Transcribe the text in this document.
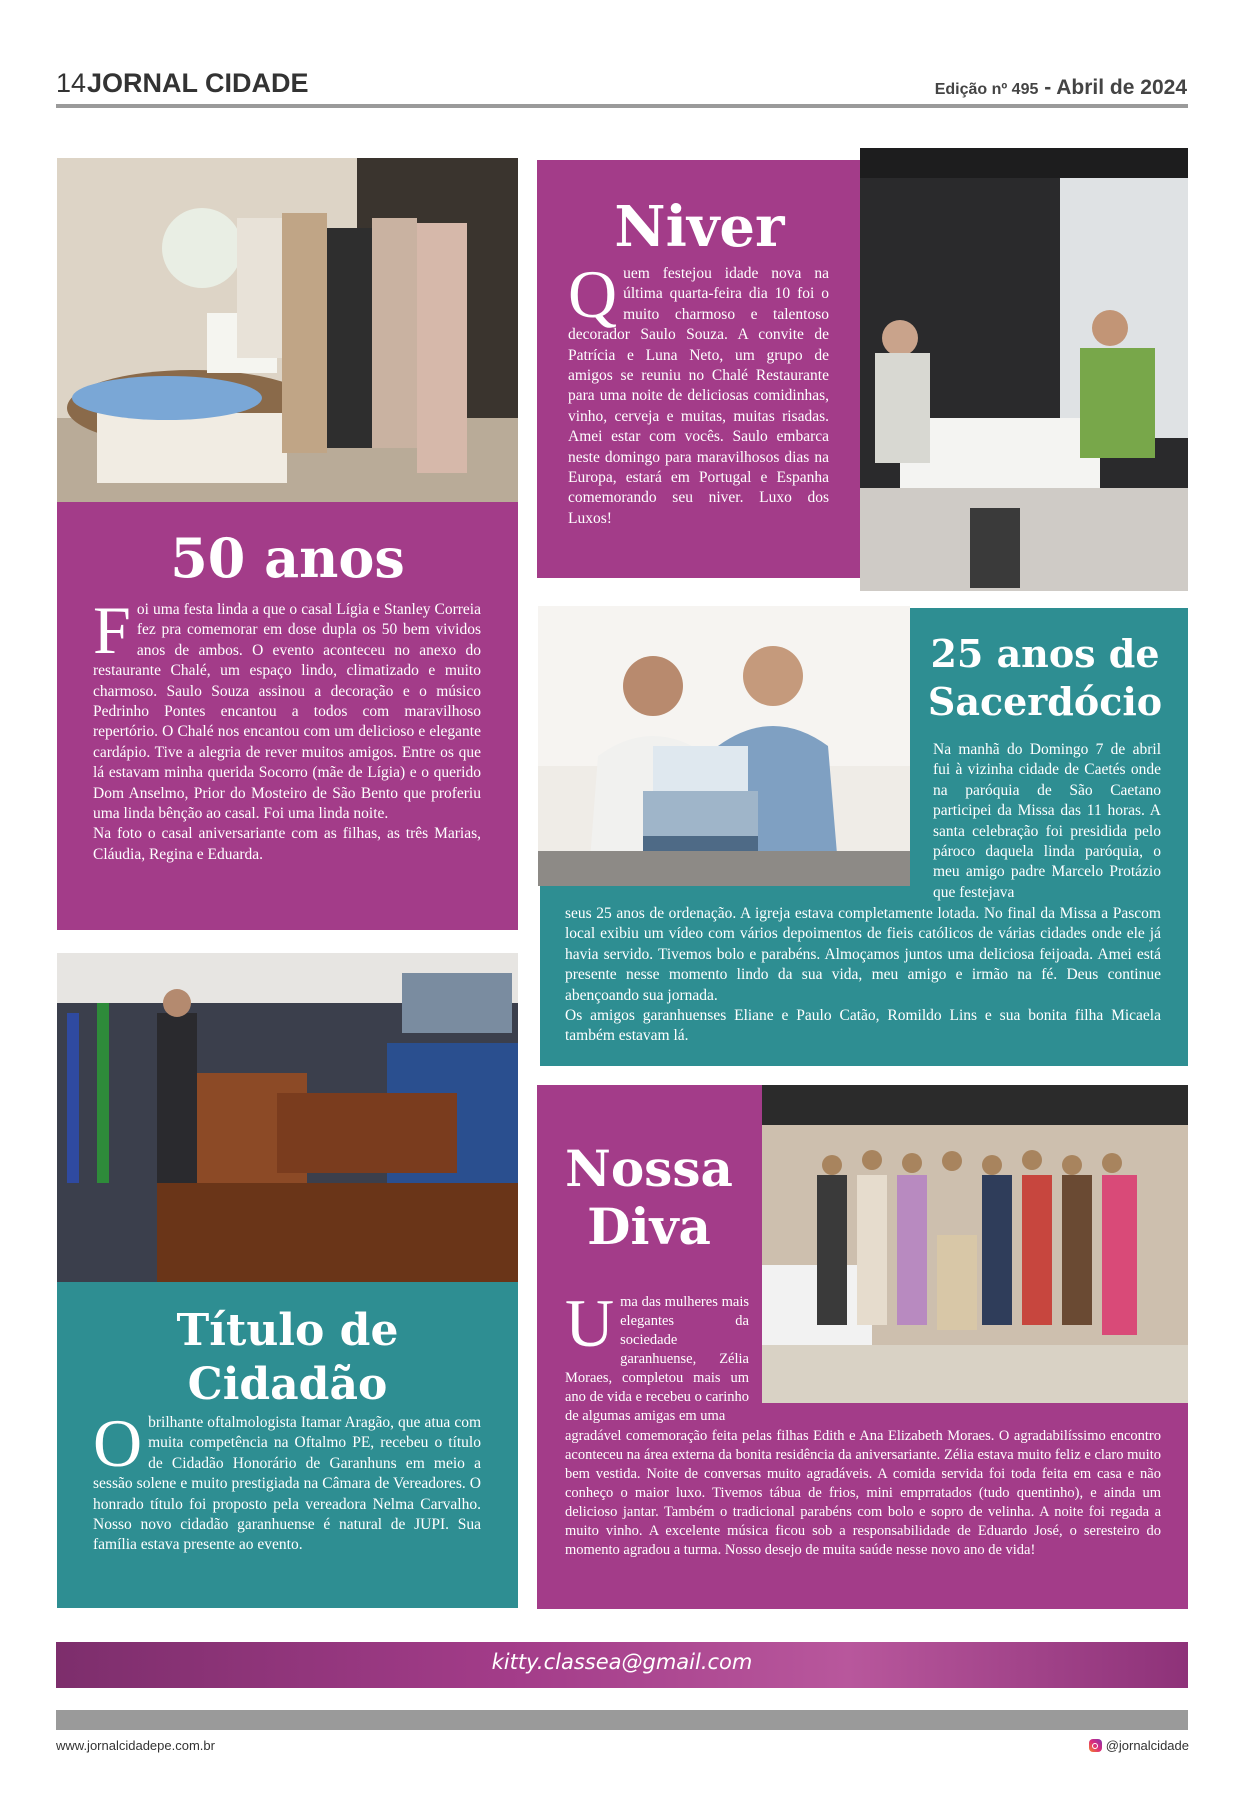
14 JORNAL CIDADE	Edição nº 495 - Abril de 2024
50 anos
Foi uma festa linda a que o casal Lígia e Stanley Correia fez pra comemorar em dose dupla os 50 bem vividos anos de ambos. O evento aconteceu no anexo do restaurante Chalé, um espaço lindo, climatizado e muito charmoso. Saulo Souza assinou a decoração e o músico Pedrinho Pontes encantou a todos com maravilhoso repertório. O Chalé nos encantou com um delicioso e elegante cardápio. Tive a alegria de rever muitos amigos. Entre os que lá estavam minha querida Socorro (mãe de Lígia) e o querido Dom Anselmo, Prior do Mosteiro de São Bento que proferiu uma linda bênção ao casal. Foi uma linda noite.
Na foto o casal aniversariante com as filhas, as três Marias, Cláudia, Regina e Eduarda.
Niver
Quem festejou idade nova na última quarta-feira dia 10 foi o muito charmoso e talentoso decorador Saulo Souza. A convite de Patrícia e Luna Neto, um grupo de amigos se reuniu no Chalé Restaurante para uma noite de deliciosas comidinhas, vinho, cerveja e muitas, muitas risadas. Amei estar com vocês. Saulo embarca neste domingo para maravilhosos dias na Europa, estará em Portugal e Espanha comemorando seu niver. Luxo dos Luxos!
25 anos de
Sacerdócio
Na manhã do Domingo 7 de abril fui à vizinha cidade de Caetés onde na paróquia de São Caetano participei da Missa das 11 horas. A santa celebração foi presidida pelo pároco daquela linda paróquia, o meu amigo padre Marcelo Protázio que festejava
seus 25 anos de ordenação. A igreja estava completamente lotada. No final da Missa a Pascom local exibiu um vídeo com vários depoimentos de fieis católicos de várias cidades onde ele já havia servido. Tivemos bolo e parabéns. Almoçamos juntos uma deliciosa feijoada. Amei está presente nesse momento lindo da sua vida, meu amigo e irmão na fé. Deus continue abençoando sua jornada.
Os amigos garanhuenses Eliane e Paulo Catão, Romildo Lins e sua bonita filha Micaela também estavam lá.
Título de
Cidadão
Obrilhante oftalmologista Itamar Aragão, que atua com muita competência na Oftalmo PE, recebeu o título de Cidadão Honorário de Garanhuns em meio a sessão solene e muito prestigiada na Câmara de Vereadores. O honrado título foi proposto pela vereadora Nelma Carvalho. Nosso novo cidadão garanhuense é natural de JUPI. Sua família estava presente ao evento.
Nossa
Diva
Uma das mulheres mais elegantes da sociedade garanhuense, Zélia Moraes, completou mais um ano de vida e recebeu o carinho de algumas amigas em uma
agradável comemoração feita pelas filhas Edith e Ana Elizabeth Moraes. O agradabilíssimo encontro aconteceu na área externa da bonita residência da aniversariante. Zélia estava muito feliz e claro muito bem vestida. Noite de conversas muito agradáveis. A comida servida foi toda feita em casa e não conheço o maior luxo. Tivemos tábua de frios, mini emprratados (tudo quentinho), e ainda um delicioso jantar. Também o tradicional parabéns com bolo e sopro de velinha. A noite foi regada a muito vinho. A excelente música ficou sob a responsabilidade de Eduardo José, o seresteiro do momento agradou a turma. Nosso desejo de muita saúde nesse novo ano de vida!
kitty.classea@gmail.com
www.jornalcidadepe.com.br	@jornalcidade
